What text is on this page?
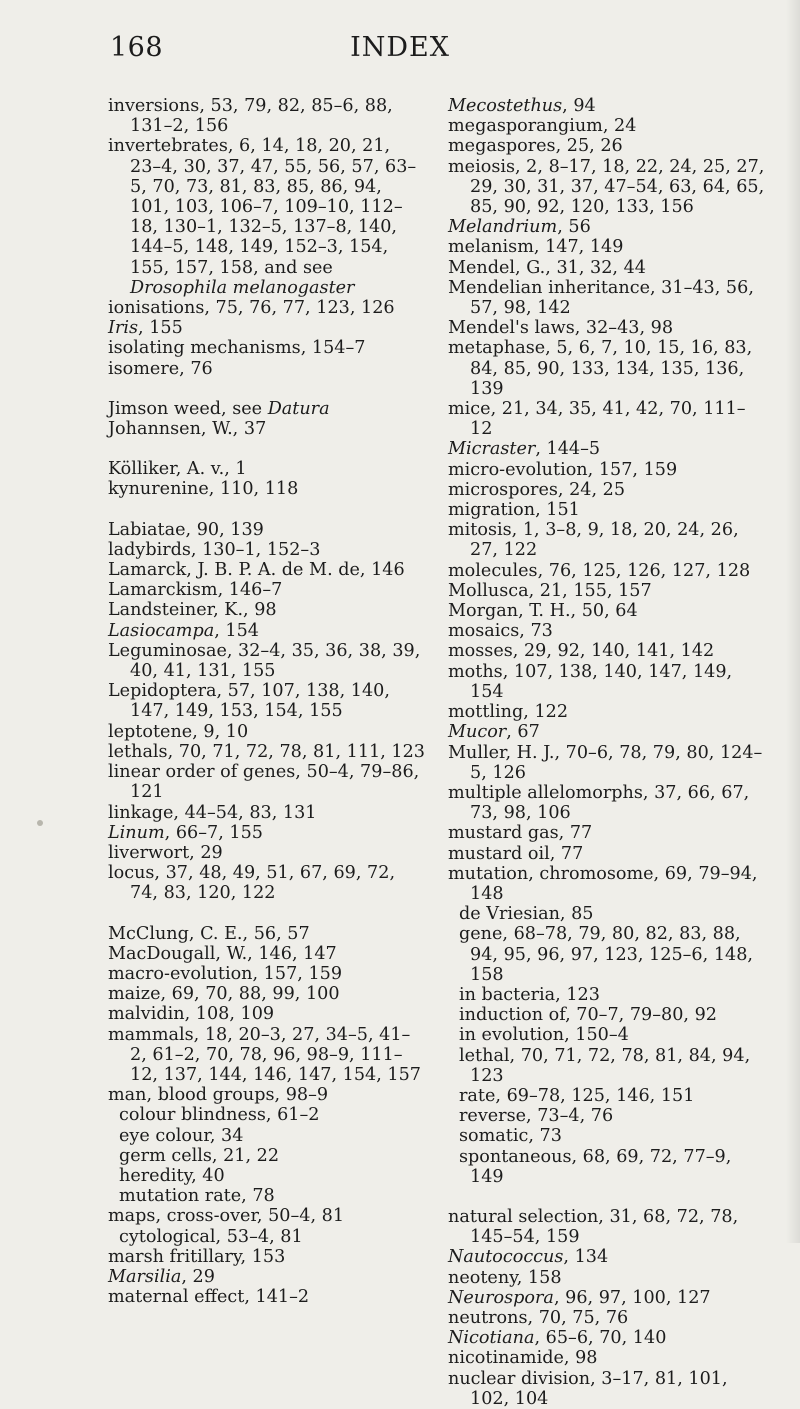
168	INDEX
inversions, 53, 79, 82, 85–6, 88, 131–2, 156
invertebrates, 6, 14, 18, 20, 21, 23–4, 30, 37, 47, 55, 56, 57, 63–5, 70, 73, 81, 83, 85, 86, 94, 101, 103, 106–7, 109–10, 112–18, 130–1, 132–5, 137–8, 140, 144–5, 148, 149, 152–3, 154, 155, 157, 158, and see Drosophila melanogaster
ionisations, 75, 76, 77, 123, 126
Iris, 155
isolating mechanisms, 154–7
isomere, 76
Jimson weed, see Datura
Johannsen, W., 37
Kölliker, A. v., 1
kynurenine, 110, 118
Labiatae, 90, 139
ladybirds, 130–1, 152–3
Lamarck, J. B. P. A. de M. de, 146
Lamarckism, 146–7
Landsteiner, K., 98
Lasiocampa, 154
Leguminosae, 32–4, 35, 36, 38, 39, 40, 41, 131, 155
Lepidoptera, 57, 107, 138, 140, 147, 149, 153, 154, 155
leptotene, 9, 10
lethals, 70, 71, 72, 78, 81, 111, 123
linear order of genes, 50–4, 79–86, 121
linkage, 44–54, 83, 131
Linum, 66–7, 155
liverwort, 29
locus, 37, 48, 49, 51, 67, 69, 72, 74, 83, 120, 122
McClung, C. E., 56, 57
MacDougall, W., 146, 147
macro-evolution, 157, 159
maize, 69, 70, 88, 99, 100
malvidin, 108, 109
mammals, 18, 20–3, 27, 34–5, 41–2, 61–2, 70, 78, 96, 98–9, 111–12, 137, 144, 146, 147, 154, 157
man, blood groups, 98–9
colour blindness, 61–2
eye colour, 34
germ cells, 21, 22
heredity, 40
mutation rate, 78
maps, cross-over, 50–4, 81
cytological, 53–4, 81
marsh fritillary, 153
Marsilia, 29
maternal effect, 141–2
Mecostethus, 94
megasporangium, 24
megaspores, 25, 26
meiosis, 2, 8–17, 18, 22, 24, 25, 27, 29, 30, 31, 37, 47–54, 63, 64, 65, 85, 90, 92, 120, 133, 156
Melandrium, 56
melanism, 147, 149
Mendel, G., 31, 32, 44
Mendelian inheritance, 31–43, 56, 57, 98, 142
Mendel's laws, 32–43, 98
metaphase, 5, 6, 7, 10, 15, 16, 83, 84, 85, 90, 133, 134, 135, 136, 139
mice, 21, 34, 35, 41, 42, 70, 111–12
Micraster, 144–5
micro-evolution, 157, 159
microspores, 24, 25
migration, 151
mitosis, 1, 3–8, 9, 18, 20, 24, 26, 27, 122
molecules, 76, 125, 126, 127, 128
Mollusca, 21, 155, 157
Morgan, T. H., 50, 64
mosaics, 73
mosses, 29, 92, 140, 141, 142
moths, 107, 138, 140, 147, 149, 154
mottling, 122
Mucor, 67
Muller, H. J., 70–6, 78, 79, 80, 124–5, 126
multiple allelomorphs, 37, 66, 67, 73, 98, 106
mustard gas, 77
mustard oil, 77
mutation, chromosome, 69, 79–94, 148
de Vriesian, 85
gene, 68–78, 79, 80, 82, 83, 88, 94, 95, 96, 97, 123, 125–6, 148, 158
in bacteria, 123
induction of, 70–7, 79–80, 92
in evolution, 150–4
lethal, 70, 71, 72, 78, 81, 84, 94, 123
rate, 69–78, 125, 146, 151
reverse, 73–4, 76
somatic, 73
spontaneous, 68, 69, 72, 77–9, 149
natural selection, 31, 68, 72, 78, 145–54, 159
Nautococcus, 134
neoteny, 158
Neurospora, 96, 97, 100, 127
neutrons, 70, 75, 76
Nicotiana, 65–6, 70, 140
nicotinamide, 98
nuclear division, 3–17, 81, 101, 102, 104
